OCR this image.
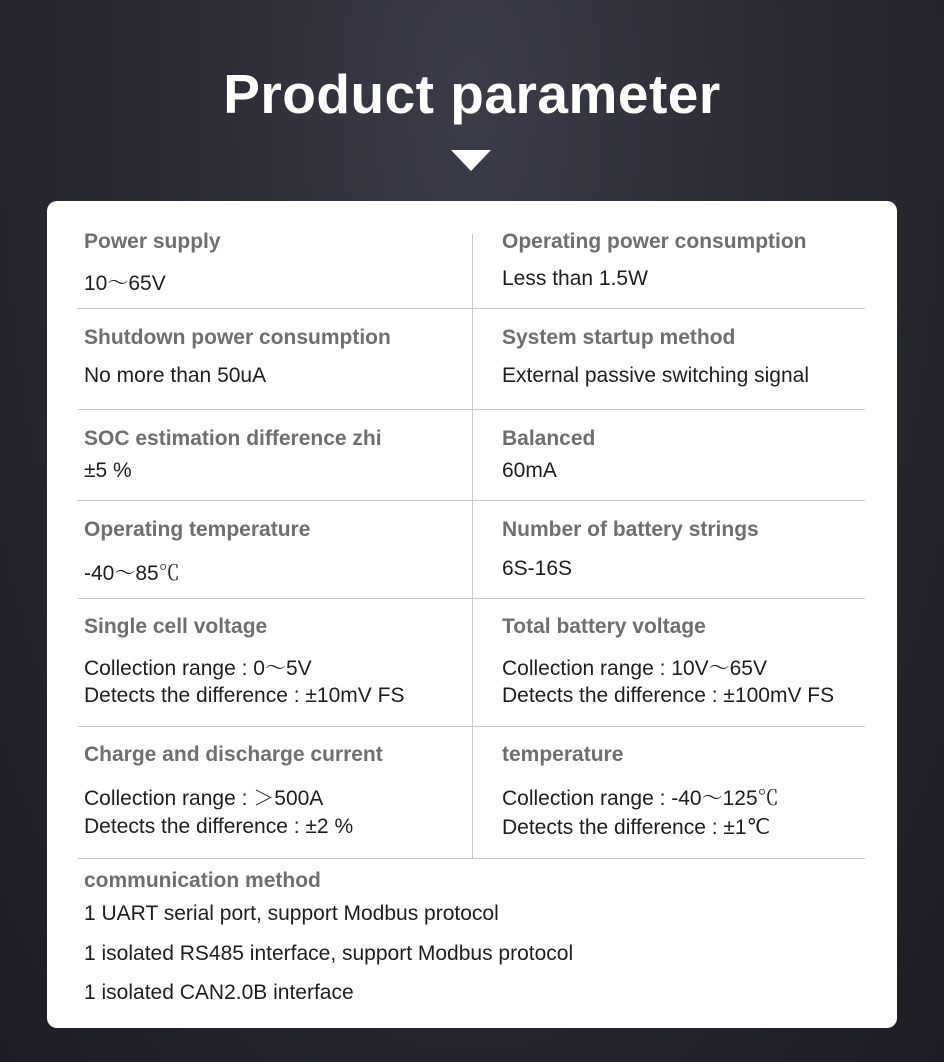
Product parameter
Power supply
10～65V
Operating power consumption
Less than 1.5W
Shutdown power consumption
No more than 50uA
System startup method
External passive switching signal
SOC estimation difference zhi
±5 %
Balanced
60mA
Operating temperature
-40～85℃
Number of battery strings
6S-16S
Single cell voltage
Collection range : 0～5V
Detects the difference : ±10mV FS
Total battery voltage
Collection range : 10V～65V
Detects the difference : ±100mV FS
Charge and discharge current
Collection range : ＞500A
Detects the difference : ±2 %
temperature
Collection range : -40～125℃
Detects the difference : ±1℃
communication method
1 UART serial port, support Modbus protocol
1 isolated RS485 interface, support Modbus protocol
1 isolated CAN2.0B interface
